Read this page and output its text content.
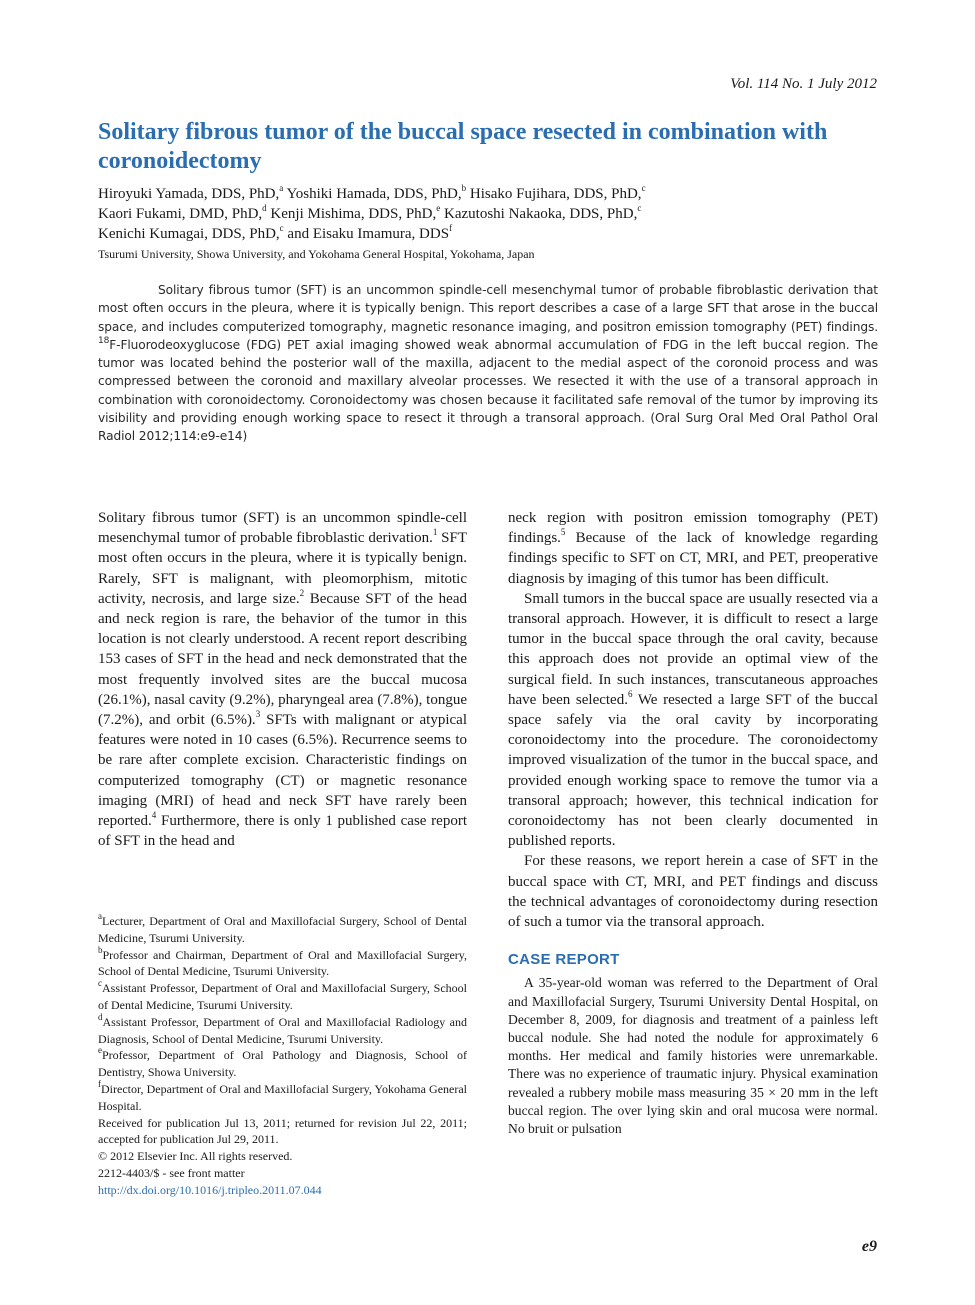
Vol. 114 No. 1 July 2012
Solitary fibrous tumor of the buccal space resected in combination with coronoidectomy
Hiroyuki Yamada, DDS, PhD,$^a$ Yoshiki Hamada, DDS, PhD,$^b$ Hisako Fujihara, DDS, PhD,$^c$
Kaori Fukami, DMD, PhD,$^d$ Kenji Mishima, DDS, PhD,$^e$ Kazutoshi Nakaoka, DDS, PhD,$^c$
Kenichi Kumagai, DDS, PhD,$^c$ and Eisaku Imamura, DDS$^f$
Tsurumi University, Showa University, and Yokohama General Hospital, Yokohama, Japan

Solitary fibrous tumor (SFT) is an uncommon spindle-cell mesenchymal tumor of probable fibroblastic derivation that most often occurs in the pleura, where it is typically benign. This report describes a case of a large SFT that arose in the buccal space, and includes computerized tomography, magnetic resonance imaging, and positron emission tomography (PET) findings. $^{18}$F-Fluorodeoxyglucose (FDG) PET axial imaging showed weak abnormal accumulation of FDG in the left buccal region. The tumor was located behind the posterior wall of the maxilla, adjacent to the medial aspect of the coronoid process and was compressed between the coronoid and maxillary alveolar processes. We resected it with the use of a transoral approach in combination with coronoidectomy. Coronoidectomy was chosen because it facilitated safe removal of the tumor by improving its visibility and providing enough working space to resect it through a transoral approach. (Oral Surg Oral Med Oral Pathol Oral Radiol 2012;114:e9-e14)

Solitary fibrous tumor (SFT) is an uncommon spindle-cell mesenchymal tumor of probable fibroblastic derivation.$^1$ SFT most often occurs in the pleura, where it is typically benign. Rarely, SFT is malignant, with pleomorphism, mitotic activity, necrosis, and large size.$^2$ Because SFT of the head and neck region is rare, the behavior of the tumor in this location is not clearly understood. A recent report describing 153 cases of SFT in the head and neck demonstrated that the most frequently involved sites are the buccal mucosa (26.1%), nasal cavity (9.2%), pharyngeal area (7.8%), tongue (7.2%), and orbit (6.5%).$^3$ SFTs with malignant or atypical features were noted in 10 cases (6.5%). Recurrence seems to be rare after complete excision. Characteristic findings on computerized tomography (CT) or magnetic resonance imaging (MRI) of head and neck SFT have rarely been reported.$^4$ Furthermore, there is only 1 published case report of SFT in the head and

$^a$Lecturer, Department of Oral and Maxillofacial Surgery, School of Dental Medicine, Tsurumi University.

$^b$Professor and Chairman, Department of Oral and Maxillofacial Surgery, School of Dental Medicine, Tsurumi University.

$^c$Assistant Professor, Department of Oral and Maxillofacial Surgery, School of Dental Medicine, Tsurumi University.

$^d$Assistant Professor, Department of Oral and Maxillofacial Radiology and Diagnosis, School of Dental Medicine, Tsurumi University.

$^e$Professor, Department of Oral Pathology and Diagnosis, School of Dentistry, Showa University.

$^f$Director, Department of Oral and Maxillofacial Surgery, Yokohama General Hospital.

Received for publication Jul 13, 2011; returned for revision Jul 22, 2011; accepted for publication Jul 29, 2011.

© 2012 Elsevier Inc. All rights reserved.

2212-4403/$ - see front matter

http://dx.doi.org/10.1016/j.tripleo.2011.07.044

neck region with positron emission tomography (PET) findings.$^5$ Because of the lack of knowledge regarding findings specific to SFT on CT, MRI, and PET, preoperative diagnosis by imaging of this tumor has been difficult.

Small tumors in the buccal space are usually resected via a transoral approach. However, it is difficult to resect a large tumor in the buccal space through the oral cavity, because this approach does not provide an optimal view of the surgical field. In such instances, transcutaneous approaches have been selected.$^6$ We resected a large SFT of the buccal space safely via the oral cavity by incorporating coronoidectomy into the procedure. The coronoidectomy improved visualization of the tumor in the buccal space, and provided enough working space to remove the tumor via a transoral approach; however, this technical indication for coronoidectomy has not been clearly documented in published reports.

For these reasons, we report herein a case of SFT in the buccal space with CT, MRI, and PET findings and discuss the technical advantages of coronoidectomy during resection of such a tumor via the transoral approach.

CASE REPORT

A 35-year-old woman was referred to the Department of Oral and Maxillofacial Surgery, Tsurumi University Dental Hospital, on December 8, 2009, for diagnosis and treatment of a painless left buccal nodule. She had noted the nodule for approximately 6 months. Her medical and family histories were unremarkable. There was no experience of traumatic injury. Physical examination revealed a rubbery mobile mass measuring 35 × 20 mm in the left buccal region. The over lying skin and oral mucosa were normal. No bruit or pulsation

e9
